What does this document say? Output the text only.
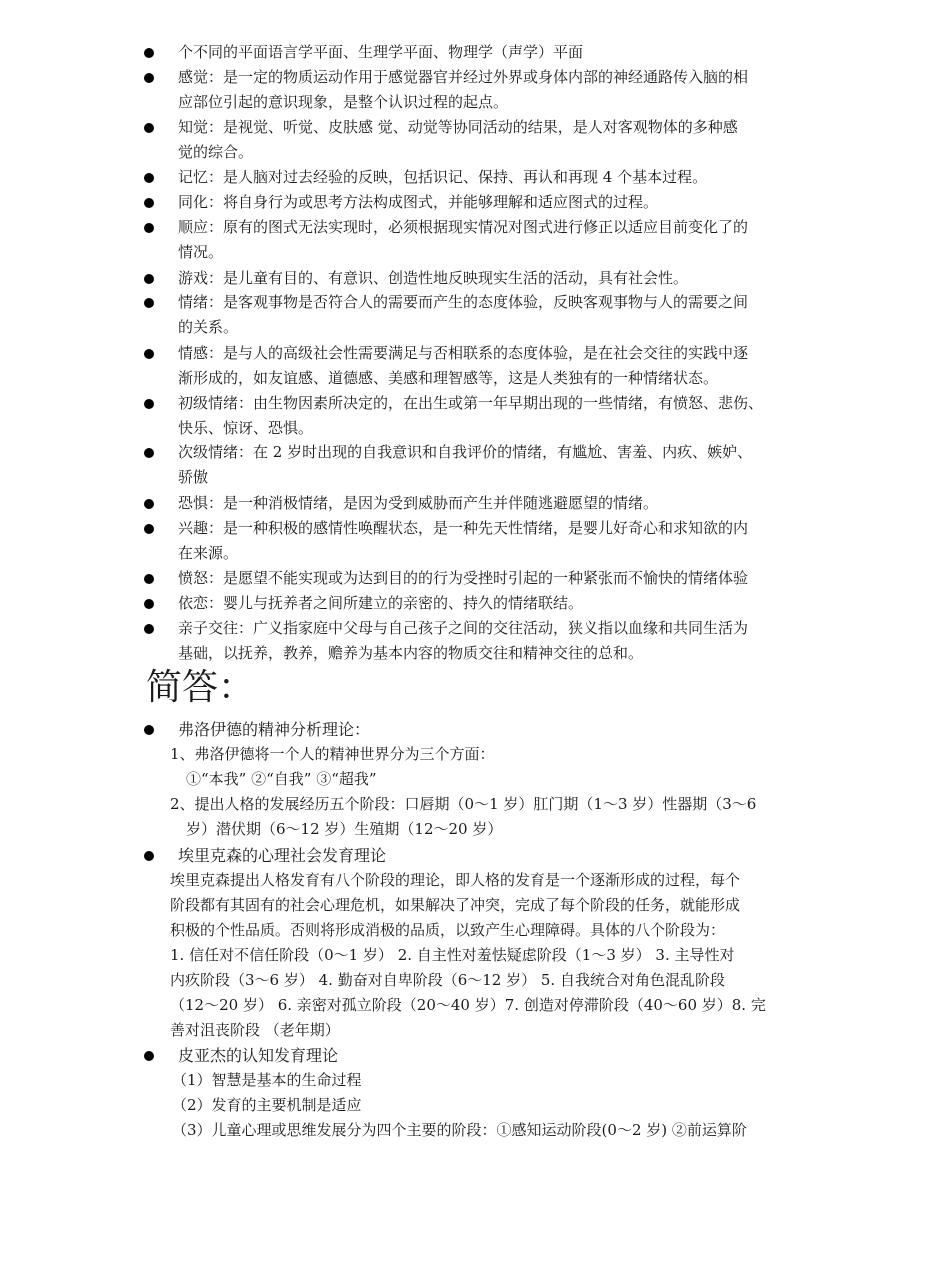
个不同的平面语言学平面、生理学平面、物理学（声学）平面
感觉：是一定的物质运动作用于感觉器官并经过外界或身体内部的神经通路传入脑的相
应部位引起的意识现象，是整个认识过程的起点。
知觉：是视觉、听觉、皮肤感 觉、动觉等协同活动的结果，是人对客观物体的多种感
觉的综合。
记忆：是人脑对过去经验的反映，包括识记、保持、再认和再现 4 个基本过程。
同化：将自身行为或思考方法构成图式，并能够理解和适应图式的过程。
顺应：原有的图式无法实现时，必须根据现实情况对图式进行修正以适应目前变化了的
情况。
游戏：是儿童有目的、有意识、创造性地反映现实生活的活动，具有社会性。
情绪：是客观事物是否符合人的需要而产生的态度体验，反映客观事物与人的需要之间
的关系。
情感：是与人的高级社会性需要满足与否相联系的态度体验，是在社会交往的实践中逐
渐形成的，如友谊感、道德感、美感和理智感等，这是人类独有的一种情绪状态。
初级情绪：由生物因素所决定的，在出生或第一年早期出现的一些情绪，有愤怒、悲伤、
快乐、惊讶、恐惧。
次级情绪：在 2 岁时出现的自我意识和自我评价的情绪，有尴尬、害羞、内疚、嫉妒、
骄傲
恐惧：是一种消极情绪，是因为受到威胁而产生并伴随逃避愿望的情绪。
兴趣：是一种积极的感情性唤醒状态，是一种先天性情绪，是婴儿好奇心和求知欲的内
在来源。
愤怒：是愿望不能实现或为达到目的的行为受挫时引起的一种紧张而不愉快的情绪体验
依恋：婴儿与抚养者之间所建立的亲密的、持久的情绪联结。
亲子交往：广义指家庭中父母与自己孩子之间的交往活动，狭义指以血缘和共同生活为
基础，以抚养，教养，赡养为基本内容的物质交往和精神交往的总和。
简答：
弗洛伊德的精神分析理论：
1、弗洛伊德将一个人的精神世界分为三个方面：
①“本我” ②“自我” ③“超我”
2、提出人格的发展经历五个阶段：口唇期（0～1 岁）肛门期（1～3 岁）性器期（3～6
岁）潜伏期（6～12 岁）生殖期（12～20 岁）
埃里克森的心理社会发育理论
埃里克森提出人格发育有八个阶段的理论，即人格的发育是一个逐渐形成的过程，每个
阶段都有其固有的社会心理危机，如果解决了冲突，完成了每个阶段的任务，就能形成
积极的个性品质。否则将形成消极的品质，以致产生心理障碍。具体的八个阶段为：
1. 信任对不信任阶段（0～1 岁） 2. 自主性对羞怯疑虑阶段（1～3 岁） 3. 主导性对
内疚阶段（3～6 岁） 4. 勤奋对自卑阶段（6～12 岁） 5. 自我统合对角色混乱阶段
（12～20 岁） 6. 亲密对孤立阶段（20～40 岁）7. 创造对停滞阶段（40～60 岁）8. 完
善对沮丧阶段 （老年期）
皮亚杰的认知发育理论
（1）智慧是基本的生命过程
（2）发育的主要机制是适应
（3）儿童心理或思维发展分为四个主要的阶段：①感知运动阶段(0～2 岁) ②前运算阶
